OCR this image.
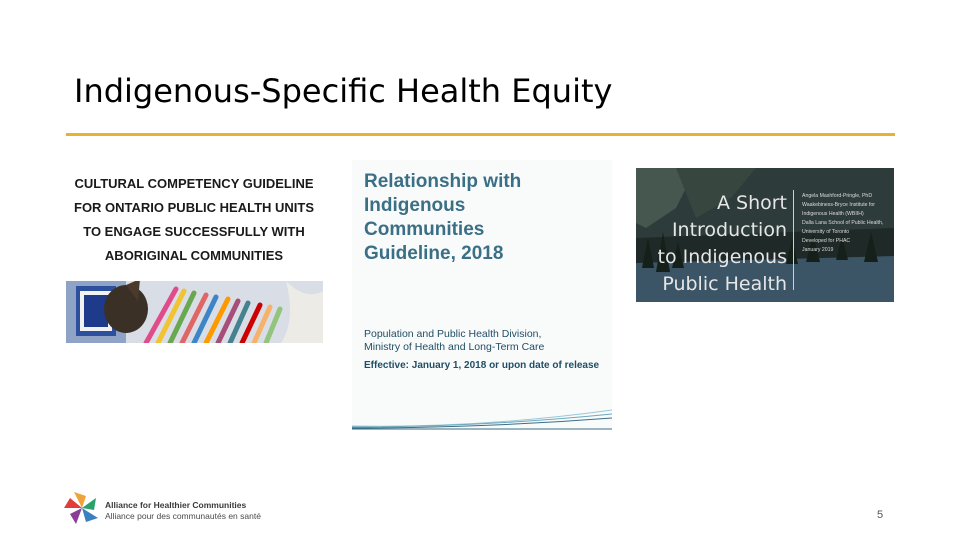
Indigenous-Specific Health Equity
CULTURAL COMPETENCY GUIDELINE
FOR ONTARIO PUBLIC HEALTH UNITS
TO ENGAGE SUCCESSFULLY WITH
ABORIGINAL COMMUNITIES
Relationship with
Indigenous
Communities
Guideline, 2018
Population and Public Health Division,
Ministry of Health and Long-Term Care
Effective: January 1, 2018 or upon date of release
A Short
Introduction
to Indigenous
Public Health
Angela Mashford-Pringle, PhD
Waakebiness-Bryce Institute for
Indigenous Health (WBIIH)
Dalla Lana School of Public Health,
University of Toronto
Developed for PHAC
January 2019
Alliance for Healthier Communities
Alliance pour des communautés en santé	5
